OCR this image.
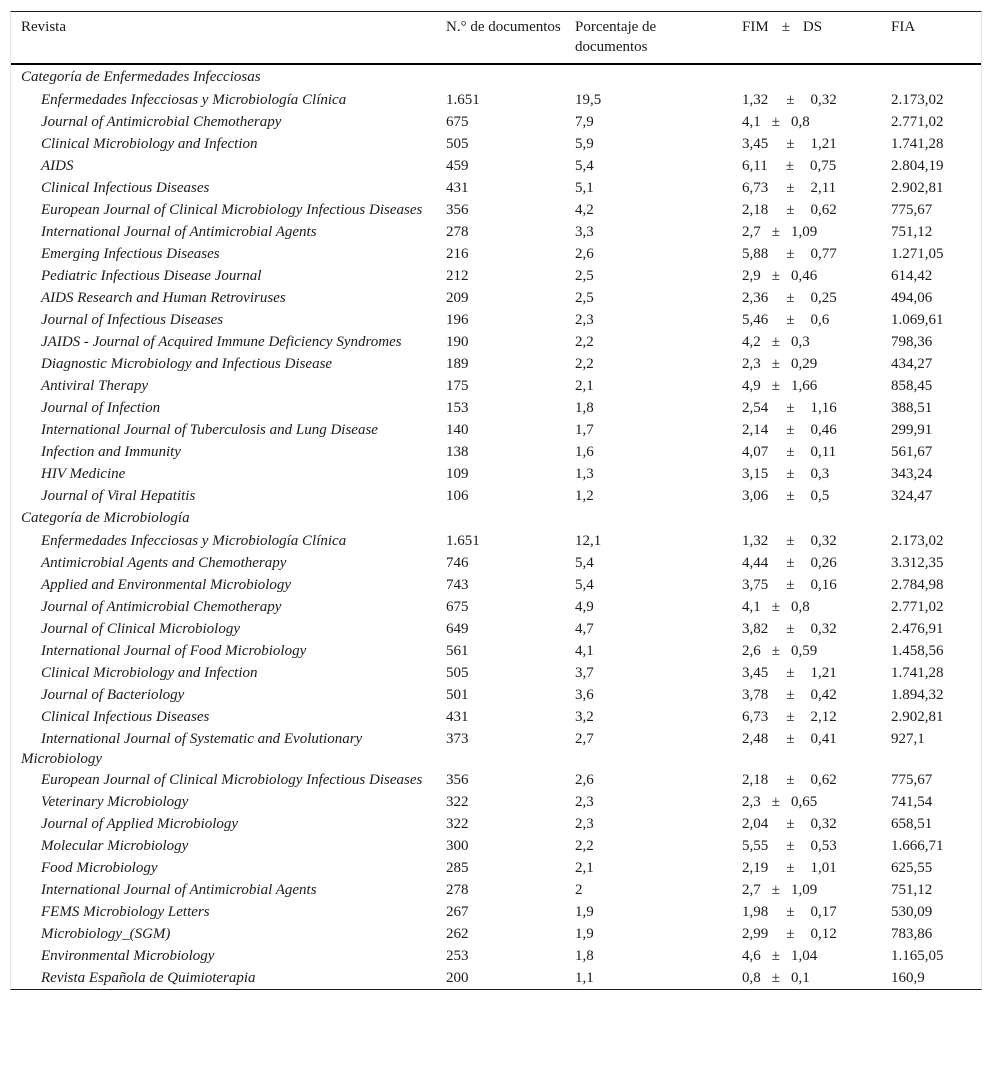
Revista	N.° de documentos	Porcentaje de documentos	FIM ± DS	FIA
Categoría de Enfermedades Infecciosas				

Enfermedades Infecciosas y Microbiología Clínica	1.651	19,5	1,32 ± 0,32	2.173,02

Journal of Antimicrobial Chemotherapy	675	7,9	4,1 ± 0,8	2.771,02

Clinical Microbiology and Infection	505	5,9	3,45 ± 1,21	1.741,28

AIDS	459	5,4	6,11 ± 0,75	2.804,19

Clinical Infectious Diseases	431	5,1	6,73 ± 2,11	2.902,81

European Journal of Clinical Microbiology Infectious Diseases	356	4,2	2,18 ± 0,62	775,67

International Journal of Antimicrobial Agents	278	3,3	2,7 ± 1,09	751,12

Emerging Infectious Diseases	216	2,6	5,88 ± 0,77	1.271,05

Pediatric Infectious Disease Journal	212	2,5	2,9 ± 0,46	614,42

AIDS Research and Human Retroviruses	209	2,5	2,36 ± 0,25	494,06

Journal of Infectious Diseases	196	2,3	5,46 ± 0,6	1.069,61

JAIDS - Journal of Acquired Immune Deficiency Syndromes	190	2,2	4,2 ± 0,3	798,36

Diagnostic Microbiology and Infectious Disease	189	2,2	2,3 ± 0,29	434,27

Antiviral Therapy	175	2,1	4,9 ± 1,66	858,45

Journal of Infection	153	1,8	2,54 ± 1,16	388,51

International Journal of Tuberculosis and Lung Disease	140	1,7	2,14 ± 0,46	299,91

Infection and Immunity	138	1,6	4,07 ± 0,11	561,67

HIV Medicine	109	1,3	3,15 ± 0,3	343,24

Journal of Viral Hepatitis	106	1,2	3,06 ± 0,5	324,47
Categoría de Microbiología				

Enfermedades Infecciosas y Microbiología Clínica	1.651	12,1	1,32 ± 0,32	2.173,02

Antimicrobial Agents and Chemotherapy	746	5,4	4,44 ± 0,26	3.312,35

Applied and Environmental Microbiology	743	5,4	3,75 ± 0,16	2.784,98

Journal of Antimicrobial Chemotherapy	675	4,9	4,1 ± 0,8	2.771,02

Journal of Clinical Microbiology	649	4,7	3,82 ± 0,32	2.476,91

International Journal of Food Microbiology	561	4,1	2,6 ± 0,59	1.458,56

Clinical Microbiology and Infection	505	3,7	3,45 ± 1,21	1.741,28

Journal of Bacteriology	501	3,6	3,78 ± 0,42	1.894,32

Clinical Infectious Diseases	431	3,2	6,73 ± 2,12	2.902,81

International Journal of Systematic and Evolutionary Microbiology	373	2,7	2,48 ± 0,41	927,1

European Journal of Clinical Microbiology Infectious Diseases	356	2,6	2,18 ± 0,62	775,67

Veterinary Microbiology	322	2,3	2,3 ± 0,65	741,54

Journal of Applied Microbiology	322	2,3	2,04 ± 0,32	658,51

Molecular Microbiology	300	2,2	5,55 ± 0,53	1.666,71

Food Microbiology	285	2,1	2,19 ± 1,01	625,55

International Journal of Antimicrobial Agents	278	2	2,7 ± 1,09	751,12

FEMS Microbiology Letters	267	1,9	1,98 ± 0,17	530,09

Microbiology_(SGM)	262	1,9	2,99 ± 0,12	783,86

Environmental Microbiology	253	1,8	4,6 ± 1,04	1.165,05

Revista Española de Quimioterapia	200	1,1	0,8 ± 0,1	160,9
